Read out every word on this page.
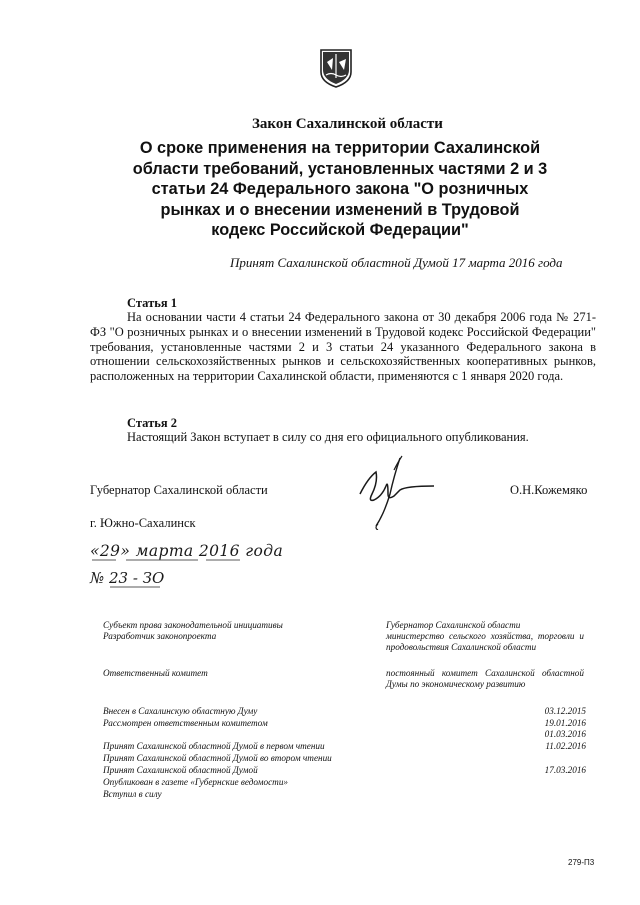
Закон Сахалинской области
О сроке применения на территории Сахалинской
области требований, установленных частями 2 и 3
статьи 24 Федерального закона "О розничных
рынках и о внесении изменений в Трудовой
кодекс Российской Федерации"
Принят Сахалинской областной Думой 17 марта 2016 года
Статья 1
На основании части 4 статьи 24 Федерального закона от 30 декабря 2006 года № 271-ФЗ "О розничных рынках и о внесении изменений в Трудовой кодекс Российской Федерации" требования, установленные частями 2 и 3 статьи 24 указанного Федерального закона в отношении сельскохозяйственных рынков и сельскохозяйственных кооперативных рынков, расположенных на территории Сахалинской области, применяются с 1 января 2020 года.
Статья 2
Настоящий Закон вступает в силу со дня его официального опубликования.
Губернатор Сахалинской области	О.Н.Кожемяко
г. Южно-Сахалинск
«29» марта 2016 года
№ 23 - ЗО
Субъект права законодательной инициативы
Разработчик законопроекта
Ответственный комитет
Внесен в Сахалинскую областную Думу
Рассмотрен ответственным комитетом
Принят Сахалинской областной Думой в первом чтении
Принят Сахалинской областной Думой во втором чтении
Принят Сахалинской областной Думой
Опубликован в газете «Губернские ведомости»
Вступил в силу
Губернатор Сахалинской области
министерство сельского хозяйства, торговли и продовольствия Сахалинской области
постоянный комитет Сахалинской областной Думы по экономическому развитию
03.12.2015
19.01.2016
01.03.2016
11.02.2016
17.03.2016
279-П3
